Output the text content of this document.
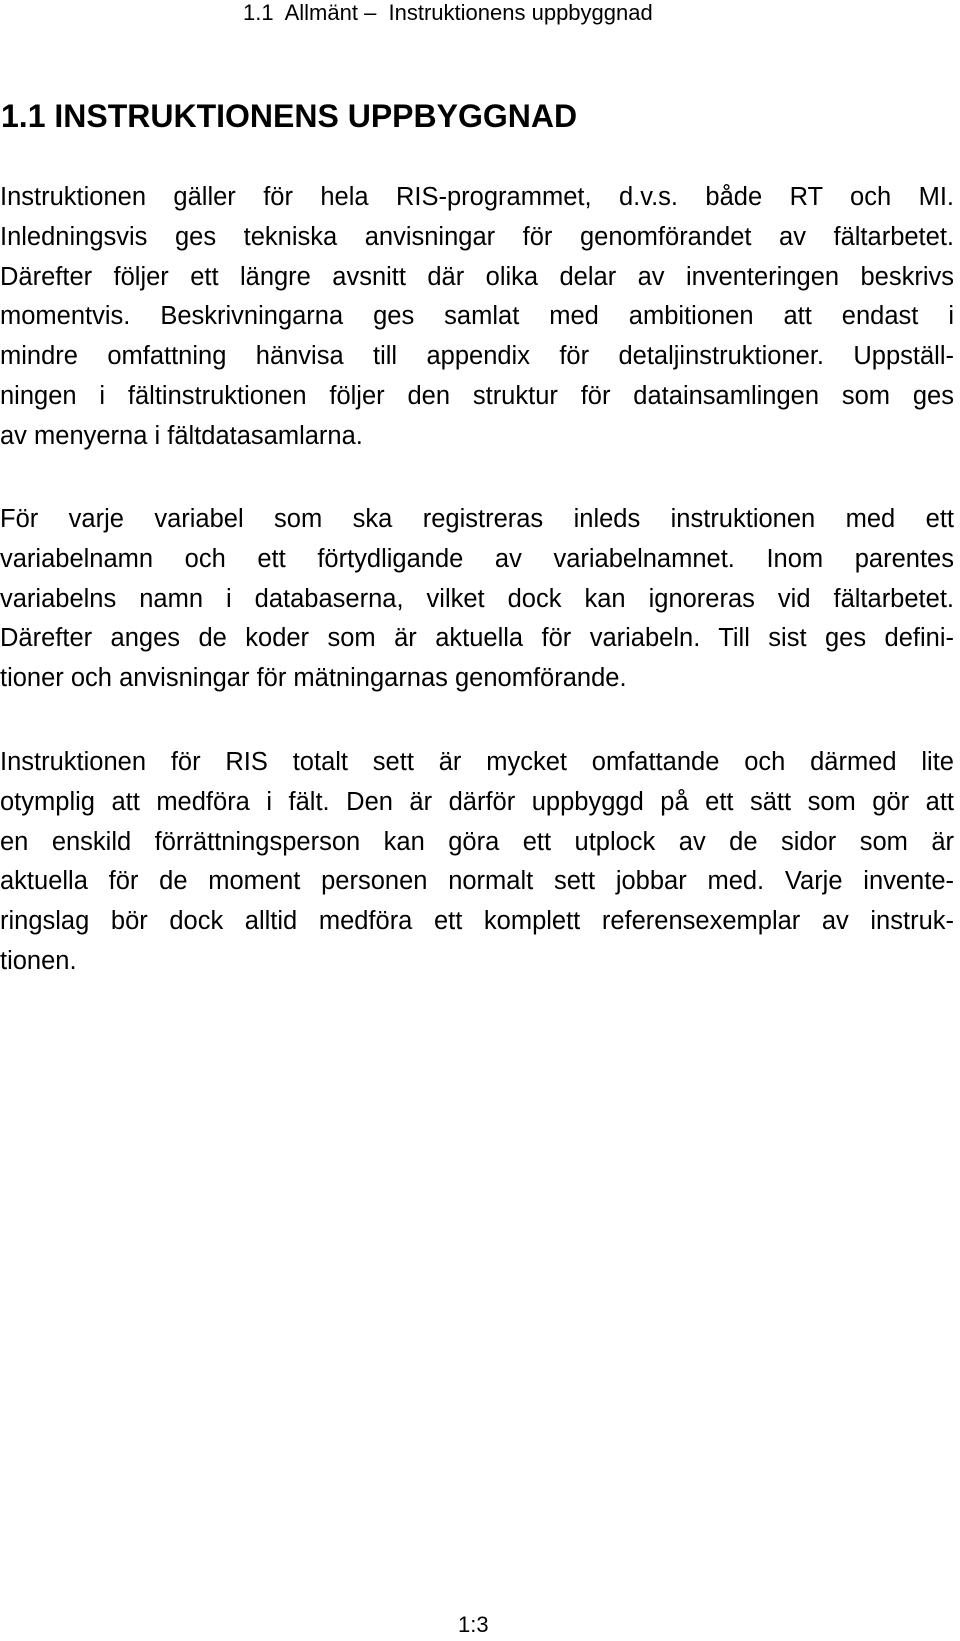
1.1  Allmänt –  Instruktionens uppbyggnad
1.1 INSTRUKTIONENS UPPBYGGNAD
Instruktionen gäller för hela RIS-programmet, d.v.s. både RT och MI.
Inledningsvis ges tekniska anvisningar för genomförandet av fältarbetet.
Därefter följer ett längre avsnitt där olika delar av inventeringen beskrivs
momentvis. Beskrivningarna ges samlat med ambitionen att endast i
mindre omfattning hänvisa till appendix för detaljinstruktioner. Uppställ-
ningen i fältinstruktionen följer den struktur för datainsamlingen som ges
av menyerna i fältdatasamlarna.
För varje variabel som ska registreras inleds instruktionen med ett
variabelnamn och ett förtydligande av variabelnamnet. Inom parentes
variabelns namn i databaserna, vilket dock kan ignoreras vid fältarbetet.
Därefter anges de koder som är aktuella för variabeln. Till sist ges defini-
tioner och anvisningar för mätningarnas genomförande.
Instruktionen för RIS totalt sett är mycket omfattande och därmed lite
otymplig att medföra i fält. Den är därför uppbyggd på ett sätt som gör att
en enskild förrättningsperson kan göra ett utplock av de sidor som är
aktuella för de moment personen normalt sett jobbar med. Varje invente-
ringslag bör dock alltid medföra ett komplett referensexemplar av instruk-
tionen.
1:3
